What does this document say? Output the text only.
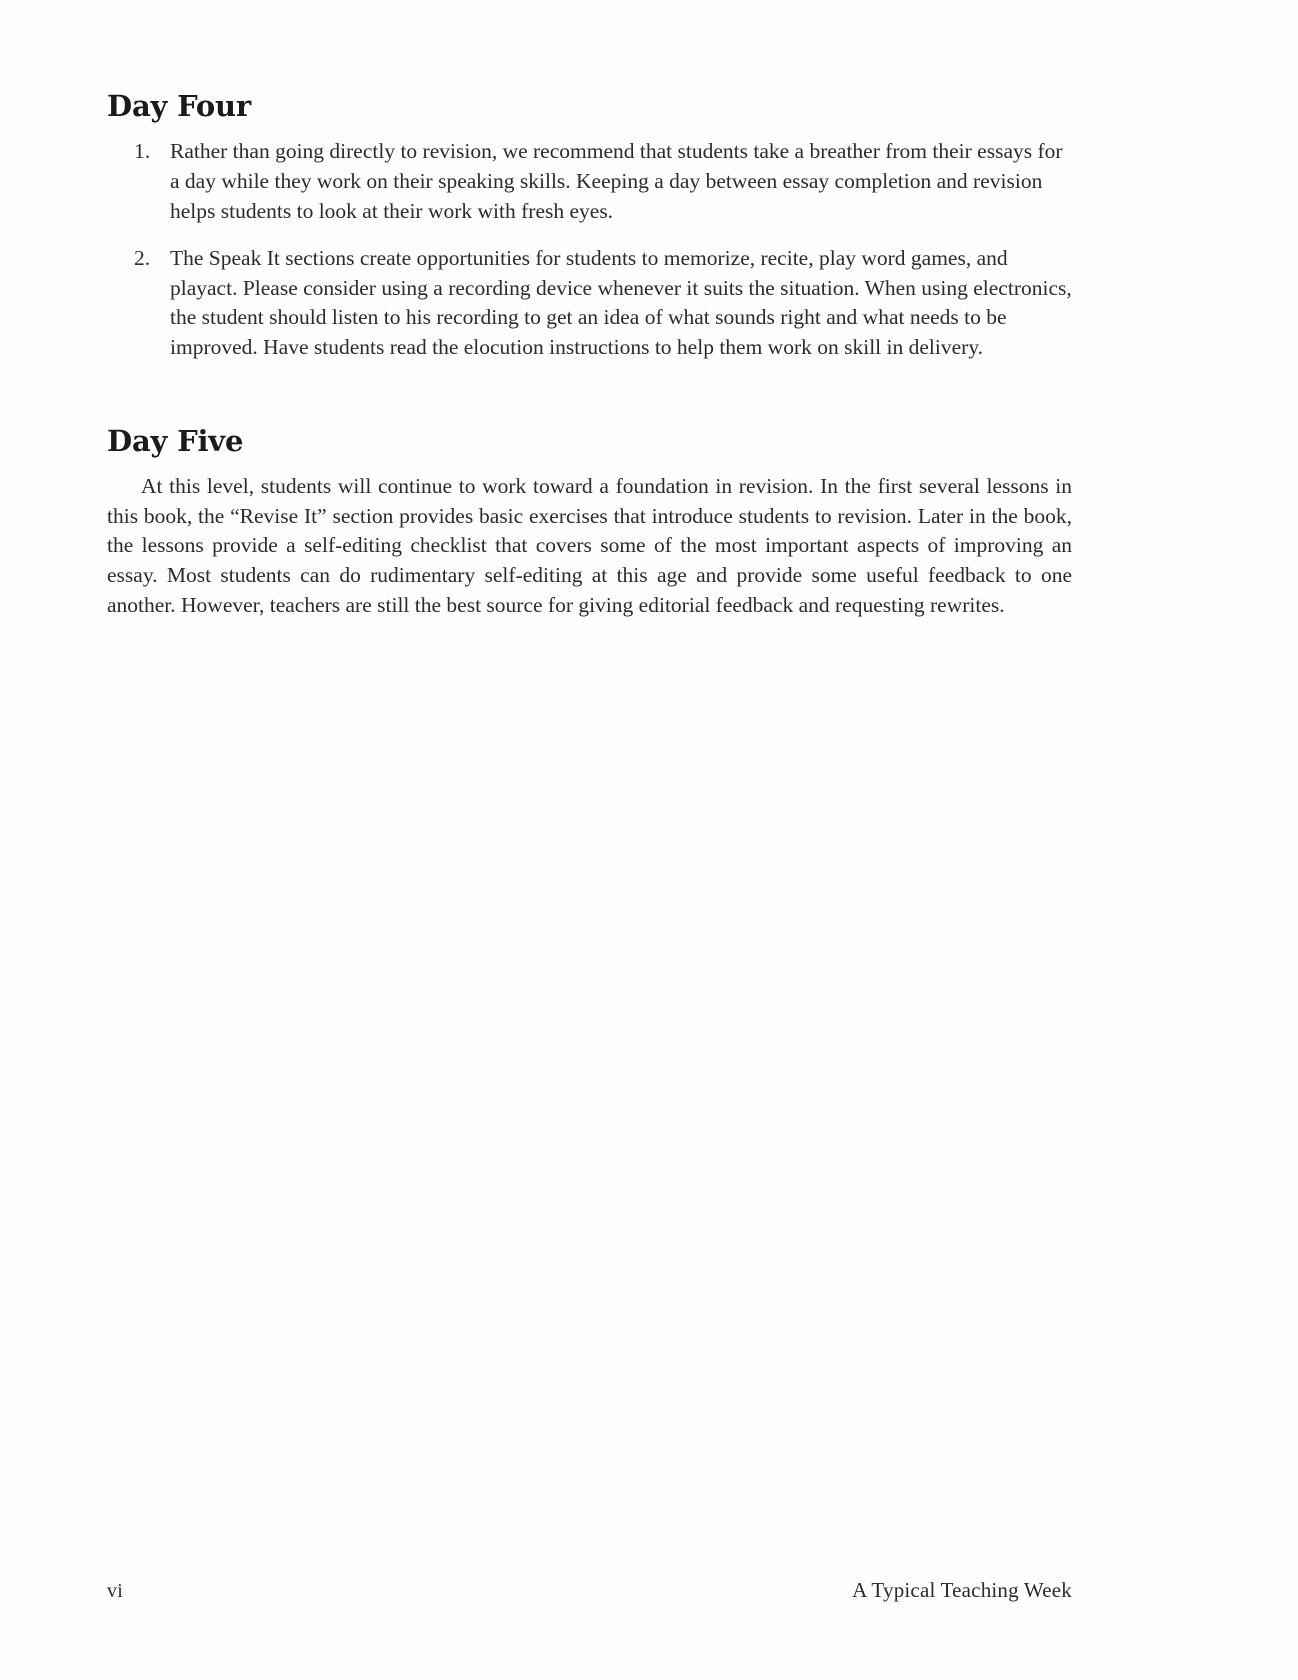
Day Four
1. Rather than going directly to revision, we recommend that students take a breather from their essays for a day while they work on their speaking skills. Keeping a day between essay completion and revision helps students to look at their work with fresh eyes.
2. The Speak It sections create opportunities for students to memorize, recite, play word games, and playact. Please consider using a recording device whenever it suits the situation. When using electronics, the student should listen to his recording to get an idea of what sounds right and what needs to be improved. Have students read the elocution instructions to help them work on skill in delivery.
Day Five

At this level, students will continue to work toward a foundation in revision. In the first several lessons in this book, the “Revise It” section provides basic exercises that introduce students to revision. Later in the book, the lessons provide a self-editing checklist that covers some of the most important aspects of improving an essay. Most students can do rudimentary self-editing at this age and provide some useful feedback to one another. However, teachers are still the best source for giving editorial feedback and requesting rewrites.

vi	A Typical Teaching Week
